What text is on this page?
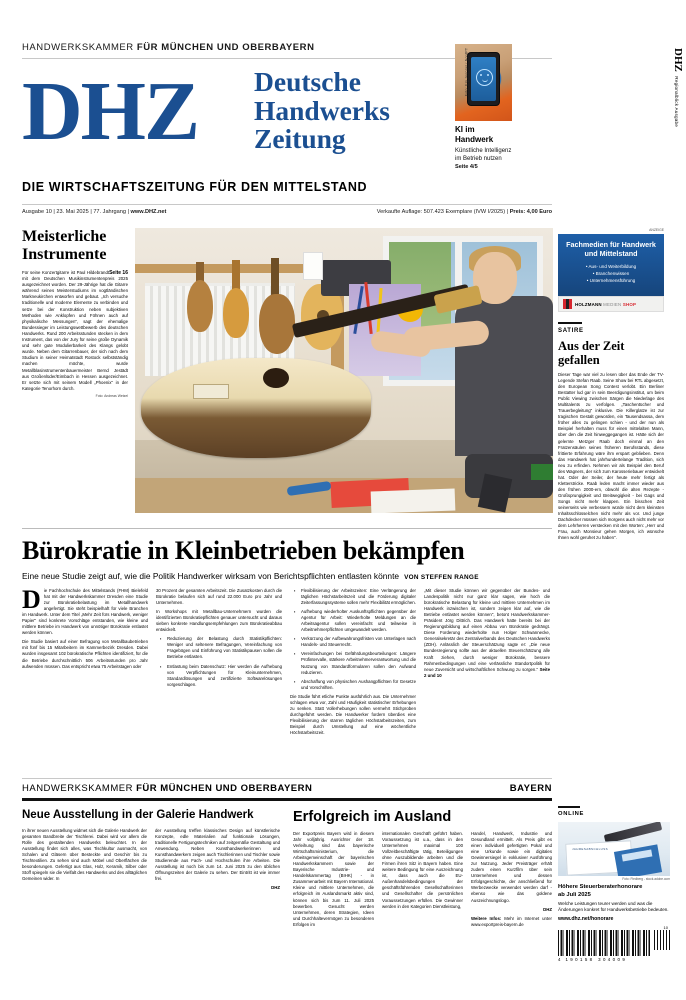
HANDWERKSKAMMER FÜR MÜNCHEN UND OBERBAYERN
DHZ Deutsche
Handwerks
Zeitung
Foto: Elg Jeonnel / NordPT
KI im Handwerk
Künstliche Intelligenz im Betrieb nutzen Seite 4/5
DHZ Regionalblick Ausgabe
DIE WIRTSCHAFTSZEITUNG FÜR DEN MITTELSTAND
Ausgabe 10 | 23. Mai 2025 | 77. Jahrgang | www.DHZ.net	Verkaufte Auflage: 507.423 Exemplare (IVW I/2025) | Preis: 4,00 Euro
Meisterliche
Instrumente
Seite 16
Für seine Konzertgitarre ist Paul Hildebrandt mit dem Deutschen Musikinstrumentenpreis 2025 ausgezeichnet worden. Der 29-Jährige hat die Gitarre während seines Meisterstudiums im vogtländischen Markneukirchen entworfen und gebaut. „Ich versuche traditionelle und moderne Elemente zu verbinden und setze bei der Konstruktion neben subjektiven Methoden wie Anklopfen und Föhnen auch auf physikalische Messungen", sagt der ehemalige Bundessieger im Leistungswettbewerb des deutschen Handwerks. Rund 200 Arbeitsstunden stecken in dem Instrument, das von der Jury für seine große Dynamik und sehr gute Modulierbarkeit des Klangs gelobt wurde. Neben dem Gitarrenbauer, der sich nach dem Studium in seiner Heimatstadt Rostock selbstständig machen möchte, wurde Metallblasinstrumentenbauermeister Bernd Jestädt aus Großenlüder/Eimbach in Hessen ausgezeichnet. Er setzte sich mit seinem Modell „Phoenix" in der Kategorie Tenorhorn durch.
Foto: Andreas Wetzel
Bürokratie in Kleinbetrieben bekämpfen
Eine neue Studie zeigt auf, wie die Politik Handwerker wirksam von Berichtspflichten entlasten könnte VON STEFFEN RANGE

Die Fachhochschule des Mittelstands (FHM) Bielefeld hat mit der Handwerkskammer Dresden eine Studie zur Bürokratiebelastung im Metallhandwerk angefertigt. Sie steht beispielhaft für viele Branchen im Handwerk. Unter dem Titel „Mehr Zeit fürs Handwerk, weniger Papier" sind konkrete Vorschläge entstanden, wie kleine und mittlere Betriebe im Handwerk von unnötiger Bürokratie entlastet werden können.

Die Studie basiert auf einer Befragung von Metallbaubetrieben mit fünf bis 15 Mitarbeitern im Kammerbezirk Dresden. Dabei wurden insgesamt 102 bürokratische Pflichten identifiziert, für die die Betriebe durchschnittlich 506 Arbeitsstunden pro Jahr aufwenden müssen. Das entspricht etwa 75 Arbeitstagen oder

30 Prozent der gesamten Arbeitszeit. Die Zusatzkosten durch die Bürokratie belaufen sich auf rund 22.000 Euro pro Jahr und Unternehmen.

In Workshops mit Metallbau-Unternehmern wurden die identifizierten Bürokratiepflichten genauer untersucht und daraus sieben konkrete Handlungsempfehlungen zum Bürokratieabbau entwickelt.

▪ Reduzierung der Belastung durch Statistikpflichten: Weniger und seltenere Befragungen, Vereinfachung von Fragebögen und Einführung von Statistikpausen sollen die Betriebe entlasten.
▪ Entlastung beim Datenschutz: Hier werden die Aufhebung von Verpflichtungen für Kleinunternehmen, Standardlösungen und zertifizierte Softwarelösungen vorgeschlagen.
▪ Flexibilisierung der Arbeitszeiten: Eine Verlängerung der täglichen Höchstarbeitszeit und die Förderung digitaler Zeiterfassungssysteme sollen mehr Flexibilität ermöglichen.
▪ Aufhebung wiederholter Auskunftspflichten gegenüber der Agentur für Arbeit: Wiederholte Meldungen an die Arbeitsagentur sollen vereinfacht und teilweise in Arbeitnehmerpflichten umgewandelt werden.
▪ Verkürzung der Aufbewahrungsfristen von Unterlagen nach Handels- und Steuerrecht.
▪ Vereinfachungen bei Gefährdungsbeurteilungen: Längere Prüfintervalle, stärkere Arbeitnehmerverantwortung und die Nutzung von Standardformularen sollen den Aufwand reduzieren.
▪ Abschaffung von physischen Aushangpflichten für Gesetze und Vorschriften.

Die Studie führt etliche Punkte ausführlich aus. Die Unternehmer schlagen etwa vor, Zahl und Häufigkeit statistischer Erhebungen zu senken. Statt Vollerhebungen sollen vermehrt Stichproben durchgeführt werden. Die Handwerker fordern überdies eine Flexibilisierung der starren täglichen Höchstarbeitszeiten, zum Beispiel durch Umstellung auf eine wöchentliche Höchstarbeitszeit.

„Mit dieser Studie können wir gegenüber der Bundes- und Landespolitik nicht nur ganz klar sagen, wie hoch die bürokratische Belastung für kleine und mittlere Unternehmen im Handwerk inzwischen ist, sondern zeigen klar auf, wie die Betriebe entlastet werden können", betont Handwerkskammer-Präsident Jörg Dittrich. Das Handwerk hatte bereits bei der Regierungsbildung auf einen Abbau von Bürokratie gedrängt. Diese Forderung wiederholte nun Holger Schwannecke, Generalsekretär des Zentralverbands des Deutschen Handwerks (ZDH). Anlässlich der Steuerschätzung sagte er: „Die neue Bundesregierung sollte aus der aktuellen Steuerschätzung alle Kraft ziehen, durch weniger Bürokratie, bessere Rahmenbedingungen und eine verlässliche Standortpolitik für neue Zuversicht und wirtschaftlichen Schwung zu sorgen." Seite 2 und 10

ANZEIGE
Fachmedien für Handwerk
und Mittelstand
• Aus- und Weiterbildung
• Branchenwissen
• Unternehmensführung
HOLZMANN MEDIEN SHOP
SATIRE
Aus der Zeit
gefallen
Dieser Tage war viel zu lesen über das Ende der TV-Legende Stefan Raab. Seine Show bei RTL abgesetzt, den European Song Contest verlobt. Ein Berliner Bestatter lud gar in sein Beerdigungsinstitut, um beim Public Viewing zwischen Särgen die Niederlage des Multitalents zu verfolgen. „Taschentücher und Trauerbegleitung" inklusive. Die Killerglatze ist zur tragischen Gestalt geworden, ein Tausendsassa, dem früher alles zu gelingen schien - und der nun als Beispiel herhalten muss für einen mittelalten Mann, über den die Zeit hinweggegangen ist. Hätte sich der gelernte Metzger Raab doch einmal an den Fratzensäulen seines früheren Berufsstands, diese frittierte Erfahrung wäre ihm erspart geblieben. Denn das Handwerk hat jahrhundertelange Tradition, sich neu zu erfinden. Nehmen wir als Beispiel den Beruf des Wagners, der sich zum Karosseriebauer entwickelt hat. Oder der Seiler, der heute mehr fertigt als Kletterstricke. Raab leden macht immer wieder aus den frühen 2000-ern, obwohl die alten Rezepte - Großsprungigkeit und Breitwegigkeit - bei Gags und Songs nicht mehr klappen. Ein bisschen Zeit seinerseits wie verbessern würde nicht dem kleinsten Inhaltsschlüsselchen nicht mehr als vor. Und junge Dachdecker müssen sich morgens auch nicht mehr vor dem Lehrherren verstecken mit den Worten: „Herr und Frau, auch Monsieur gehen Morgen, ich wünsche Ihnen wohl geruhet zu haben".
HANDWERKSKAMMER FÜR MÜNCHEN UND OBERBAYERN	BAYERN
Neue Ausstellung in der Galerie Handwerk

In ihrer neuen Ausstellung widmet sich die Galerie Handwerk der gesamten Bandbreite der Tischlerei. Dabei wird vor allem die Rolle des gestaltenden Handwerks beleuchtet. In der Ausstellung findet sich alles, was Tischkultur ausmacht, von Schalen und Gläsern über Besteckte und Geschirr bis zu Tischtextilien. Zu sehen sind auch Möbel und Oberflächen die besonderungen. Gefertigt aus Glas, Holz, Keramik, Silber oder Stoff spiegeln sie die Vielfalt des Handwerks und des alltäglichen Gemeinen wider. In

der Ausstellung treffen klassisches Design auf künstlerische Konzepte, edle Materialien auf funktionale Lösungen, traditionelle Fertigungstechniken auf zeitgemäße Gestaltung und Anwendung. Neben Kunsthandwerkerinnen und Kunsthandwerkern zeigen auch Tischlerinnen und Tischler sowie Studierende aus Fach- und Hochschulen ihre Arbeiten. Die Ausstellung ist noch bis zum 14. Juni 2025 zu den üblichen Öffnungszeiten der Galerie zu sehen. Der Eintritt ist wie immer frei.

DHZ

Erfolgreich im Ausland

Der Exportpreis Bayern wird in diesem Jahr volljährig. Ausrichter der 18. Verleihung sind das bayerische Wirtschaftsministerium, die Arbeitsgemeinschaft der bayerischen Handwerkskammern sowie der Bayerische Industrie- und Handelskammertag (BIHK) - in Zusammenarbeit mit Bayern International. Kleine und mittlere Unternehmen, die erfolgreich im Auslandsmarkt aktiv sind, können sich bis zum 11. Juli 2025 bewerben. Gesucht werden Unternehmen, deren Strategien, Ideen und Durchhaltevermögen zu besonderen Erfolgen im

internationalen Geschäft geführt haben. Voraussetzung ist u.a., dass in den Unternehmen maximal 100 Vollzeitbeschäftigte tätig, Beteiligungen ohne Auszubildende arbeiten und die Firmen ihren Sitz in Bayern haben. Eine weitere Bedingung für eine Auszeichnung ist, dass auch die EU-Außenhandelsbedingungen der geschäftsführenden Gesellschafterinnen und Gesellschafter die persönlichen Voraussetzungen erfüllen. Die Gewinner werden in den Kategorien Dienstleistung,

Handel, Handwerk, Industrie und Gesundland ermittelt. Als Preis gibt es einen individuell gefertigten Pokal und eine Urkunde sowie ein digitales Gewinnersiegel in exklusiver Ausführung zur Nutzung. Jeder Preisträger erhält zudem einen Kurzfilm über sein Unternehmen und dessen Erfolgsgeschichte, der anschließend für Werbezwecke verwendet werden darf - ebenso wie das goldene Auszeichnungslogo.

DHZ

Weitere Infos: Mehr im Internet unter www.exportpreis-bayern.de

ONLINE
JAHRESABSCHLUSS
Foto: Fiedberg - stock.adobe.com
Höhere Steuerberaterhonorare
ab Juli 2025
Welche Leistungen teurer werden und was die Änderungen konkret für Handwerksbetriebe bedeuten.
www.dhz.net/honorare
10
4 190158 304009
